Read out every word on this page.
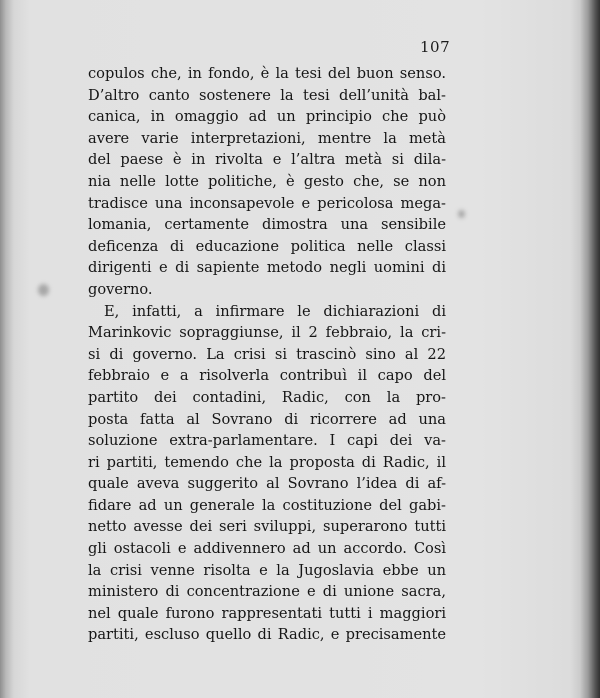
107
copulos che, in fondo, è la tesi del buon senso.
D’altro canto sostenere la tesi dell’unità bal-
canica, in omaggio ad un principio che può
avere varie interpretazioni, mentre la metà
del paese è in rivolta e l’altra metà si dila-
nia nelle lotte politiche, è gesto che, se non
tradisce una inconsapevole e pericolosa mega-
lomania, certamente dimostra una sensibile
deficenza di educazione politica nelle classi
dirigenti e di sapiente metodo negli uomini di
governo.
E, infatti, a infirmare le dichiarazioni di
Marinkovic sopraggiunse, il 2 febbraio, la cri-
si di governo. La crisi si trascinò sino al 22
febbraio e a risolverla contribuì il capo del
partito dei contadini, Radic, con la pro-
posta fatta al Sovrano di ricorrere ad una
soluzione extra-parlamentare. I capi dei va-
ri partiti, temendo che la proposta di Radic, il
quale aveva suggerito al Sovrano l’idea di af-
fidare ad un generale la costituzione del gabi-
netto avesse dei seri sviluppi, superarono tutti
gli ostacoli e addivennero ad un accordo. Così
la crisi venne risolta e la Jugoslavia ebbe un
ministero di concentrazione e di unione sacra,
nel quale furono rappresentati tutti i maggiori
partiti, escluso quello di Radic, e precisamente
